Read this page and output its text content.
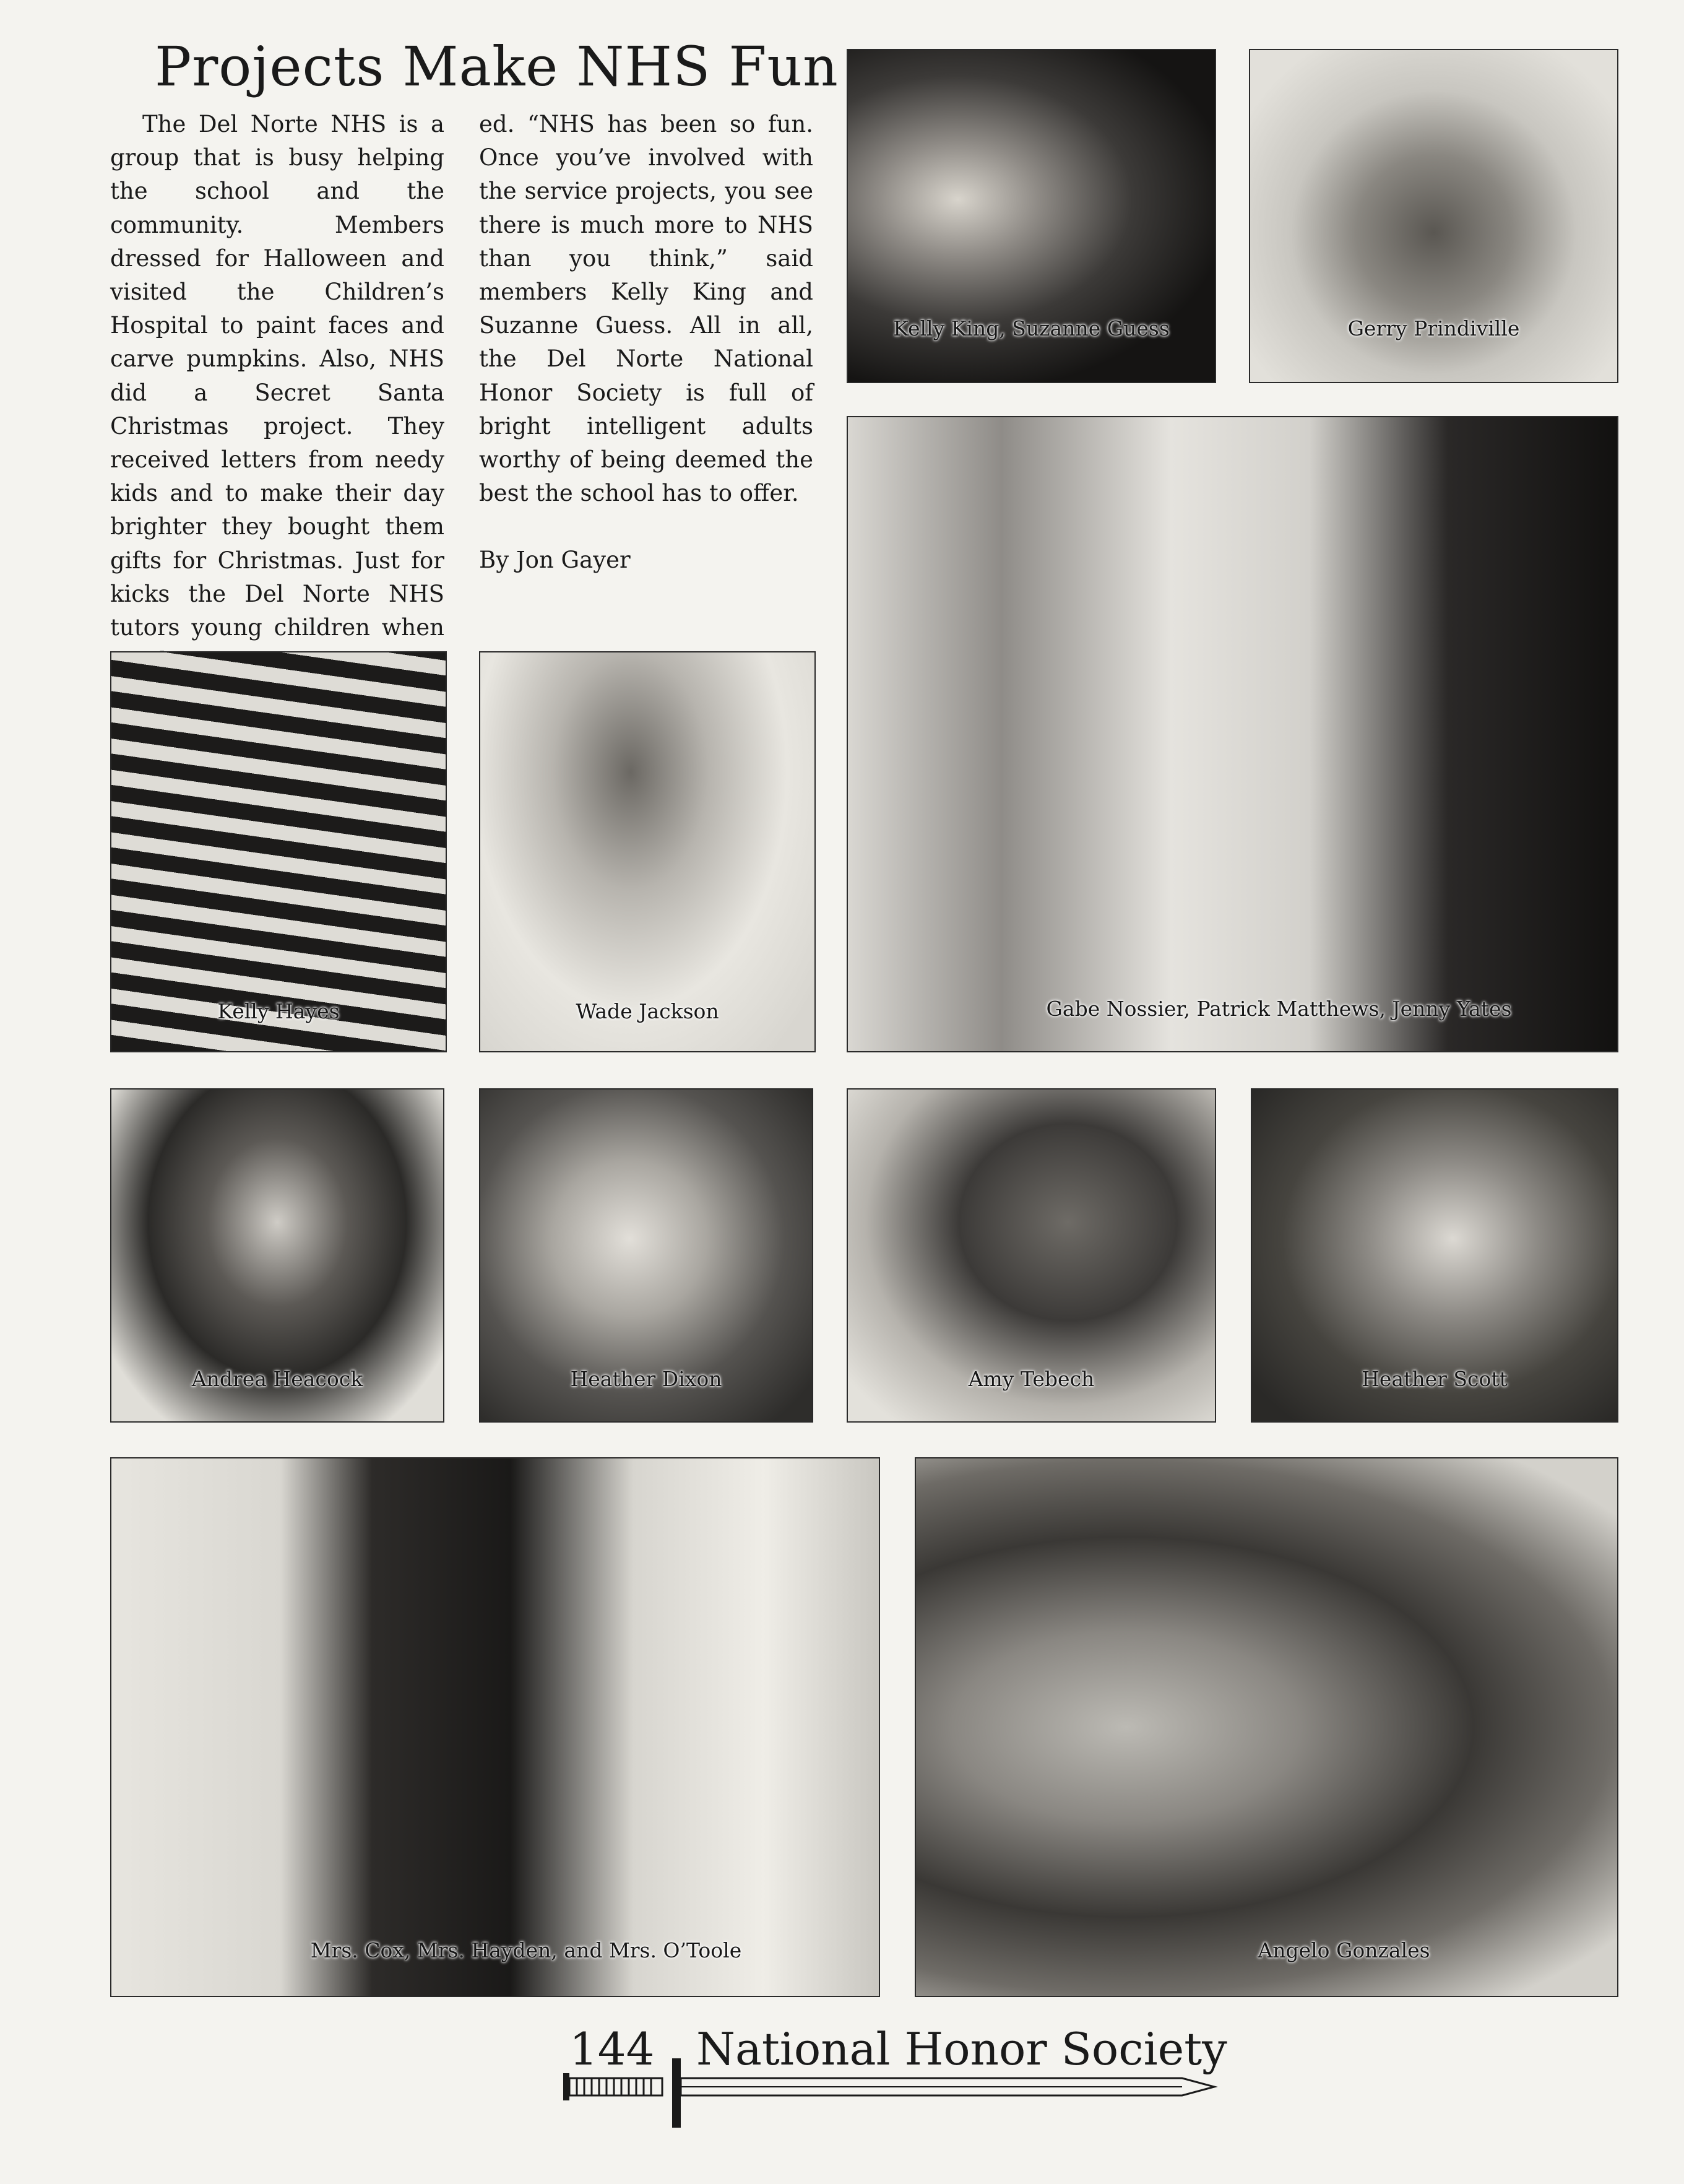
Projects Make NHS Fun

The Del Norte NHS is a group that is busy helping the school and the community. Members dressed for Halloween and visited the Children’s Hospital to paint faces and carve pumpkins. Also, NHS did a Secret Santa Christmas project. They received letters from needy kids and to make their day brighter they bought them gifts for Christmas. Just for kicks the Del Norte NHS tutors young children when

ed. “NHS has been so fun. Once you’ve involved with the service projects, you see there is much more to NHS than you think,” said members Kelly King and Suzanne Guess. All in all, the Del Norte National Honor Society is full of bright intelligent adults worthy of being deemed the best the school has to offer.

By Jon Gayer

Kelly King, Suzanne Guess	Gerry Prindiville
Gabe Nossier, Patrick Matthews, Jenny Yates
Kelly Hayes	Wade Jackson
Andrea Heacock	Heather Dixon	Amy Tebech	Heather Scott
Mrs. Cox, Mrs. Hayden, and Mrs. O’Toole	Angelo Gonzales
144 National Honor Society
